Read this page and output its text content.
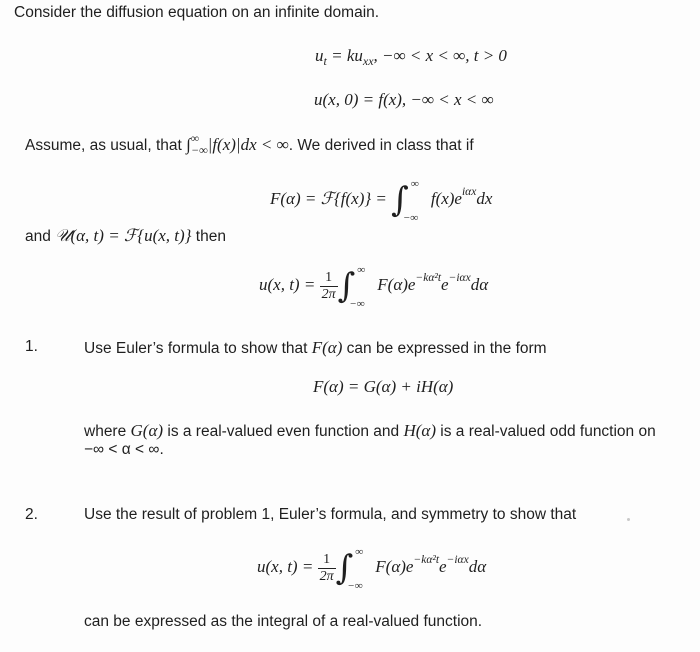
Consider the diffusion equation on an infinite domain.
$u_t = ku_{xx}$, −∞ < x < ∞, t > 0
u(x, 0) = f(x), −∞ < x < ∞
Assume, as usual, that $\int^\infty_{-\infty}|f(x)|dx$ < ∞. We derived in class that if
F(α) = ℱ{f(x)} = ∫ ∞
−∞
$f(x)e^{i\alpha x}dx$
and 𝒰(α, t) = ℱ{u(x, t)} then
u(x, $t) = \frac{1}{2\pi}$ ∫ ∞
−∞
$F(\alpha)e^{-k\alpha^2t}e^{-i\alpha x}d\alpha$
1.	Use Euler’s formula to show that F(α) can be expressed in the form
F(α) = G(α) + iH(α)
where G(α) is a real-valued even function and H(α) is a real-valued odd function on
−∞ < α < ∞.
2.	Use the result of problem 1, Euler’s formula, and symmetry to show that
u(x, $t) = \frac{1}{2\pi}$ ∫ ∞
−∞
$F(\alpha)e^{-k\alpha^2t}e^{-i\alpha x}d\alpha$
can be expressed as the integral of a real-valued function.
